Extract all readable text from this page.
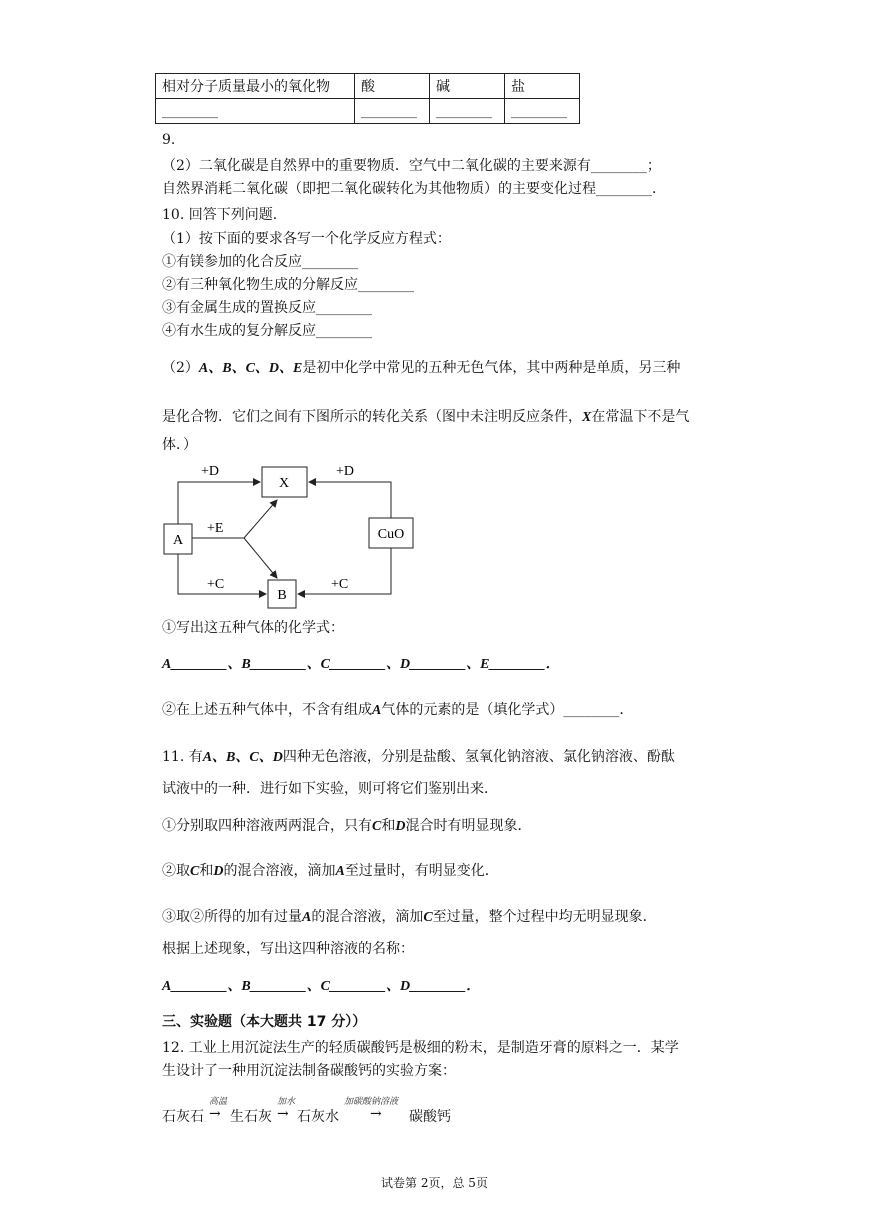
相对分子质量最小的氧化物	酸	碱	盐
________	________	________	________
9.
（2）二氧化碳是自然界中的重要物质．空气中二氧化碳的主要来源有________；
自然界消耗二氧化碳（即把二氧化碳转化为其他物质）的主要变化过程________．
10. 回答下列问题．
（1）按下面的要求各写一个化学反应方程式：
①有镁参加的化合反应________
②有三种氧化物生成的分解反应________
③有金属生成的置换反应________
④有水生成的复分解反应________
（2）A、B、C、D、E是初中化学中常见的五种无色气体，其中两种是单质，另三种
是化合物．它们之间有下图所示的转化关系（图中未注明反应条件，X在常温下不是气
体．）
A
X
B
CuO
+D	+D
+E
+C	+C
①写出这五种气体的化学式：
A________、B________、C________、D________、E________．
②在上述五种气体中，不含有组成A气体的元素的是（填化学式）________．
11. 有A、B、C、D四种无色溶液，分别是盐酸、氢氧化钠溶液、氯化钠溶液、酚酞
试液中的一种．进行如下实验，则可将它们鉴别出来．
①分别取四种溶液两两混合，只有C和D混合时有明显现象．
②取C和D的混合溶液，滴加A至过量时，有明显变化．
③取②所得的加有过量A的混合溶液，滴加C至过量，整个过程中均无明显现象．
根据上述现象，写出这四种溶液的名称：
A________、B________、C________、D________．
三、实验题（本大题共 17 分））
12. 工业上用沉淀法生产的轻质碳酸钙是极细的粉末，是制造牙膏的原料之一．某学
生设计了一种用沉淀法制备碳酸钙的实验方案：
石灰石
高温
→ 生石灰
加水
→ 石灰水
加碳酸钠溶液
→ 碳酸钙
试卷第 2页，总 5页
